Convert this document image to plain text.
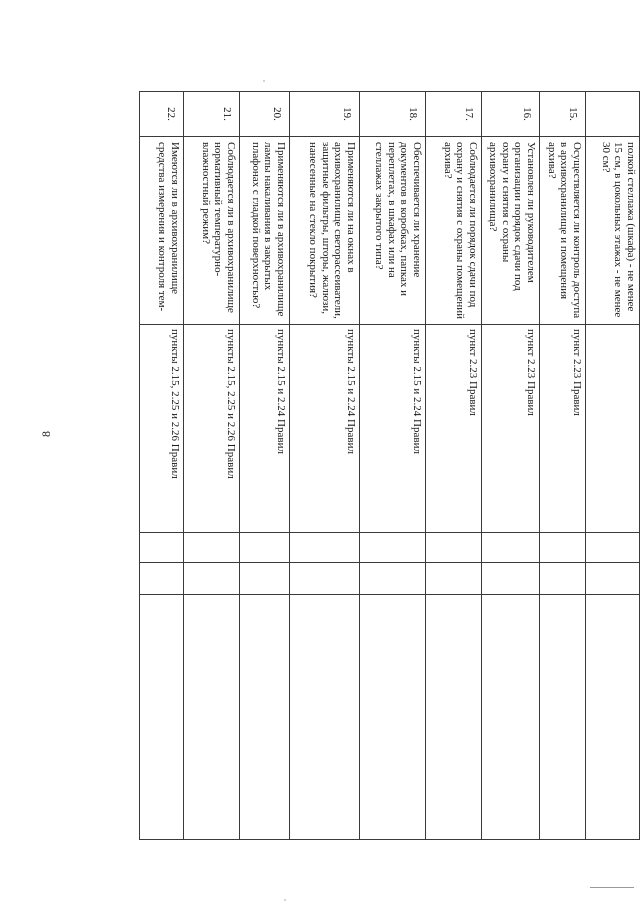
8
	полкой стеллажа (шкафа) - не менее 15 см, в цокольных этажах - не менее 30 см?				
15.	Осуществляется ли контроль доступа в архивохранилище и помещения архива?	пункт 2.23 Правил			
16.	Установлен ли руководителем организации порядок сдачи под охрану и снятия с охраны архивохранилища?	пункт 2.23 Правил			
17.	Соблюдается ли порядок сдачи под охрану и снятия с охраны помещений архива?	пункт 2.23 Правил			
18.	Обеспечивается ли хранение документов в коробках, папках и переплетах, в шкафах или на стеллажах закрытого типа?	пункты 2.15 и 2.24 Правил			
19.	Применяются ли на окнах в архивохранилище светорассеиватели, защитные фильтры, шторы, жалюзи, нанесенные на стекло покрытия?	пункты 2.15 и 2.24 Правил			
20.	Применяются ли в архивохранилище лампы накаливания в закрытых плафонах с гладкой поверхностью?	пункты 2.15 и 2.24 Правил			
21.	Соблюдается ли в архивохранилище нормативный температурно-влажностный режим?	пункты 2.15, 2.25 и 2.26 Правил			
22.	Имеются ли в архивохранилище средства измерения и контроля тем-	пункты 2.15, 2.25 и 2.26 Правил			
